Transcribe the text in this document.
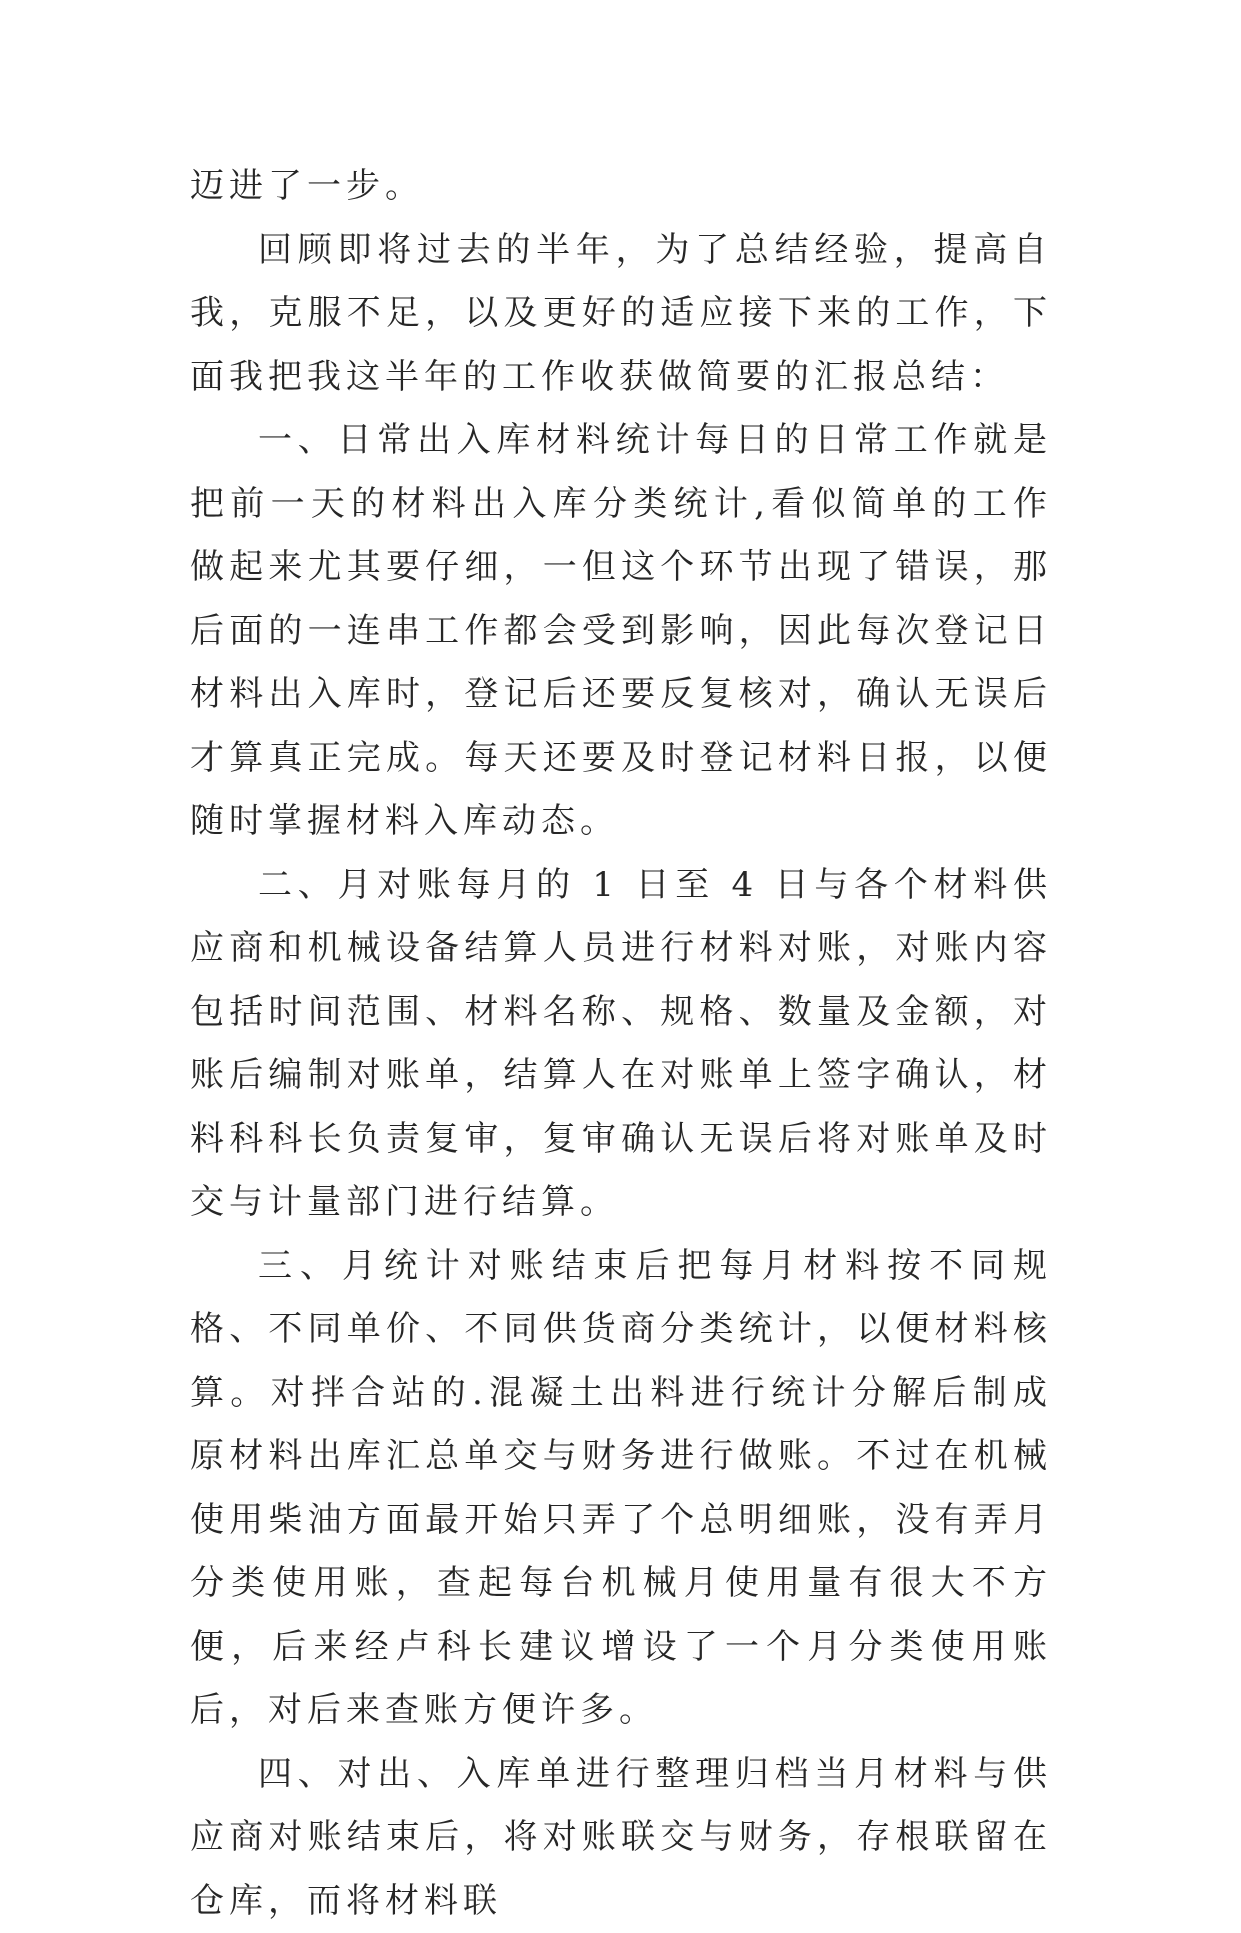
迈进了一步。

回顾即将过去的半年，为了总结经验，提高自我，克服不足，以及更好的适应接下来的工作，下面我把我这半年的工作收获做简要的汇报总结：

一、日常出入库材料统计每日的日常工作就是把前一天的材料出入库分类统计,看似简单的工作做起来尤其要仔细，一但这个环节出现了错误，那后面的一连串工作都会受到影响，因此每次登记日材料出入库时，登记后还要反复核对，确认无误后才算真正完成。每天还要及时登记材料日报，以便随时掌握材料入库动态。

二、月对账每月的 1 日至 4 日与各个材料供应商和机械设备结算人员进行材料对账，对账内容包括时间范围、材料名称、规格、数量及金额，对账后编制对账单，结算人在对账单上签字确认，材料科科长负责复审，复审确认无误后将对账单及时交与计量部门进行结算。

三、月统计对账结束后把每月材料按不同规格、不同单价、不同供货商分类统计，以便材料核算。对拌合站的.混凝土出料进行统计分解后制成原材料出库汇总单交与财务进行做账。不过在机械使用柴油方面最开始只弄了个总明细账，没有弄月分类使用账，查起每台机械月使用量有很大不方便，后来经卢科长建议增设了一个月分类使用账后，对后来查账方便许多。

四、对出、入库单进行整理归档当月材料与供应商对账结束后，将对账联交与财务，存根联留在仓库，而将材料联
